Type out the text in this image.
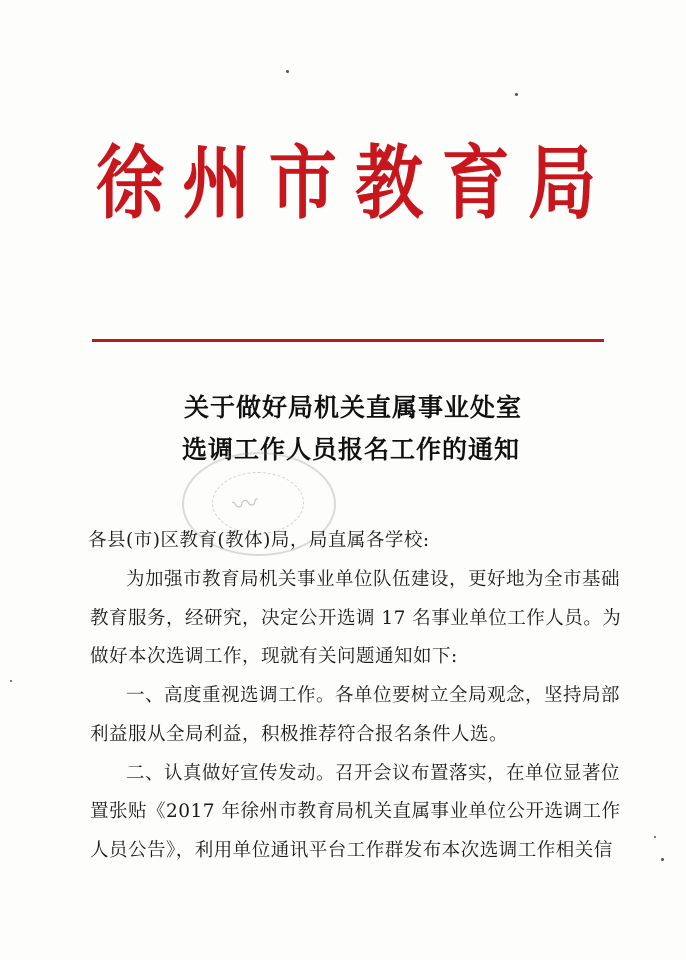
徐 州 市 教 育 局
关于做好局机关直属事业处室
选调工作人员报名工作的通知
〰
各县(市)区教育(教体)局，局直属各学校:
为加强市教育局机关事业单位队伍建设，更好地为全市基础
教育服务，经研究，决定公开选调 17 名事业单位工作人员。为
做好本次选调工作，现就有关问题通知如下:
一、高度重视选调工作。各单位要树立全局观念，坚持局部
利益服从全局利益，积极推荐符合报名条件人选。
二、认真做好宣传发动。召开会议布置落实，在单位显著位
置张贴《2017 年徐州市教育局机关直属事业单位公开选调工作
人员公告》，利用单位通讯平台工作群发布本次选调工作相关信
